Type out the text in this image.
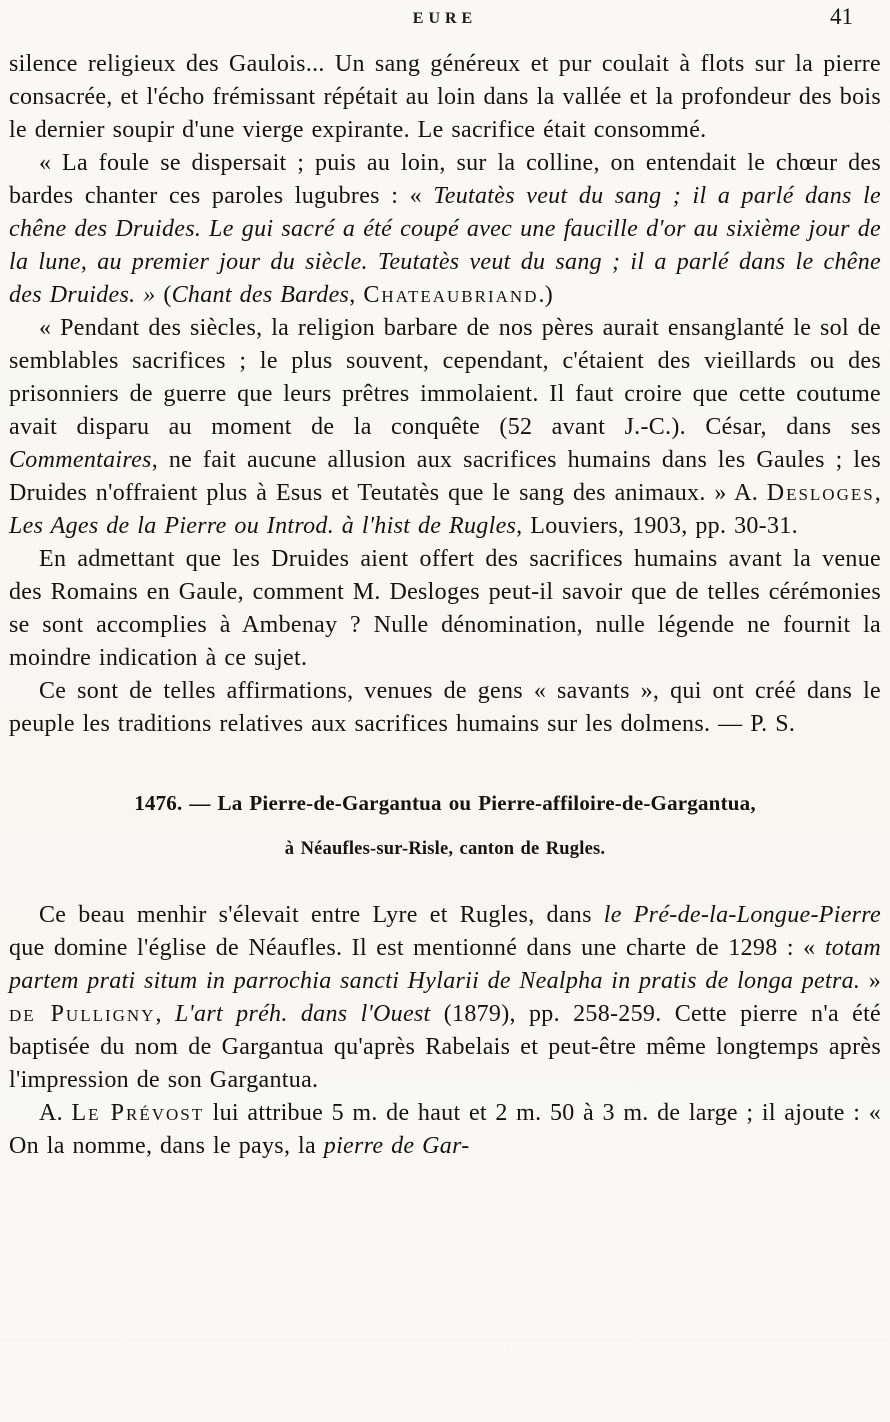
EURE	41

silence religieux des Gaulois... Un sang généreux et pur coulait à flots sur la pierre consacrée, et l'écho frémissant répétait au loin dans la vallée et la profondeur des bois le dernier soupir d'une vierge expirante. Le sacrifice était consommé.

« La foule se dispersait ; puis au loin, sur la colline, on entendait le chœur des bardes chanter ces paroles lugubres : « Teutatès veut du sang ; il a parlé dans le chêne des Druides. Le gui sacré a été coupé avec une faucille d'or au sixième jour de la lune, au premier jour du siècle. Teutatès veut du sang ; il a parlé dans le chêne des Druides. » (Chant des Bardes, Chateaubriand.)

« Pendant des siècles, la religion barbare de nos pères aurait ensanglanté le sol de semblables sacrifices ; le plus souvent, cependant, c'étaient des vieillards ou des prisonniers de guerre que leurs prêtres immolaient. Il faut croire que cette coutume avait disparu au moment de la conquête (52 avant J.-C.). César, dans ses Commentaires, ne fait aucune allusion aux sacrifices humains dans les Gaules ; les Druides n'offraient plus à Esus et Teutatès que le sang des animaux. » A. Desloges, Les Ages de la Pierre ou Introd. à l'hist de Rugles, Louviers, 1903, pp. 30-31.

En admettant que les Druides aient offert des sacrifices humains avant la venue des Romains en Gaule, comment M. Desloges peut-il savoir que de telles cérémonies se sont accomplies à Ambenay ? Nulle dénomination, nulle légende ne fournit la moindre indication à ce sujet.

Ce sont de telles affirmations, venues de gens « savants », qui ont créé dans le peuple les traditions relatives aux sacrifices humains sur les dolmens. — P. S.

1476. — La Pierre-de-Gargantua ou Pierre-affiloire-de-Gargantua,
à Néaufles-sur-Risle, canton de Rugles.

Ce beau menhir s'élevait entre Lyre et Rugles, dans le Pré-de-la-Longue-Pierre que domine l'église de Néaufles. Il est mentionné dans une charte de 1298 : « totam partem prati situm in parrochia sancti Hylarii de Nealpha in pratis de longa petra. » de Pulligny, L'art préh. dans l'Ouest (1879), pp. 258-259. Cette pierre n'a été baptisée du nom de Gargantua qu'après Rabelais et peut-être même longtemps après l'impression de son Gargantua.

A. Le Prévost lui attribue 5 m. de haut et 2 m. 50 à 3 m. de large ; il ajoute : « On la nomme, dans le pays, la pierre de Gar-
